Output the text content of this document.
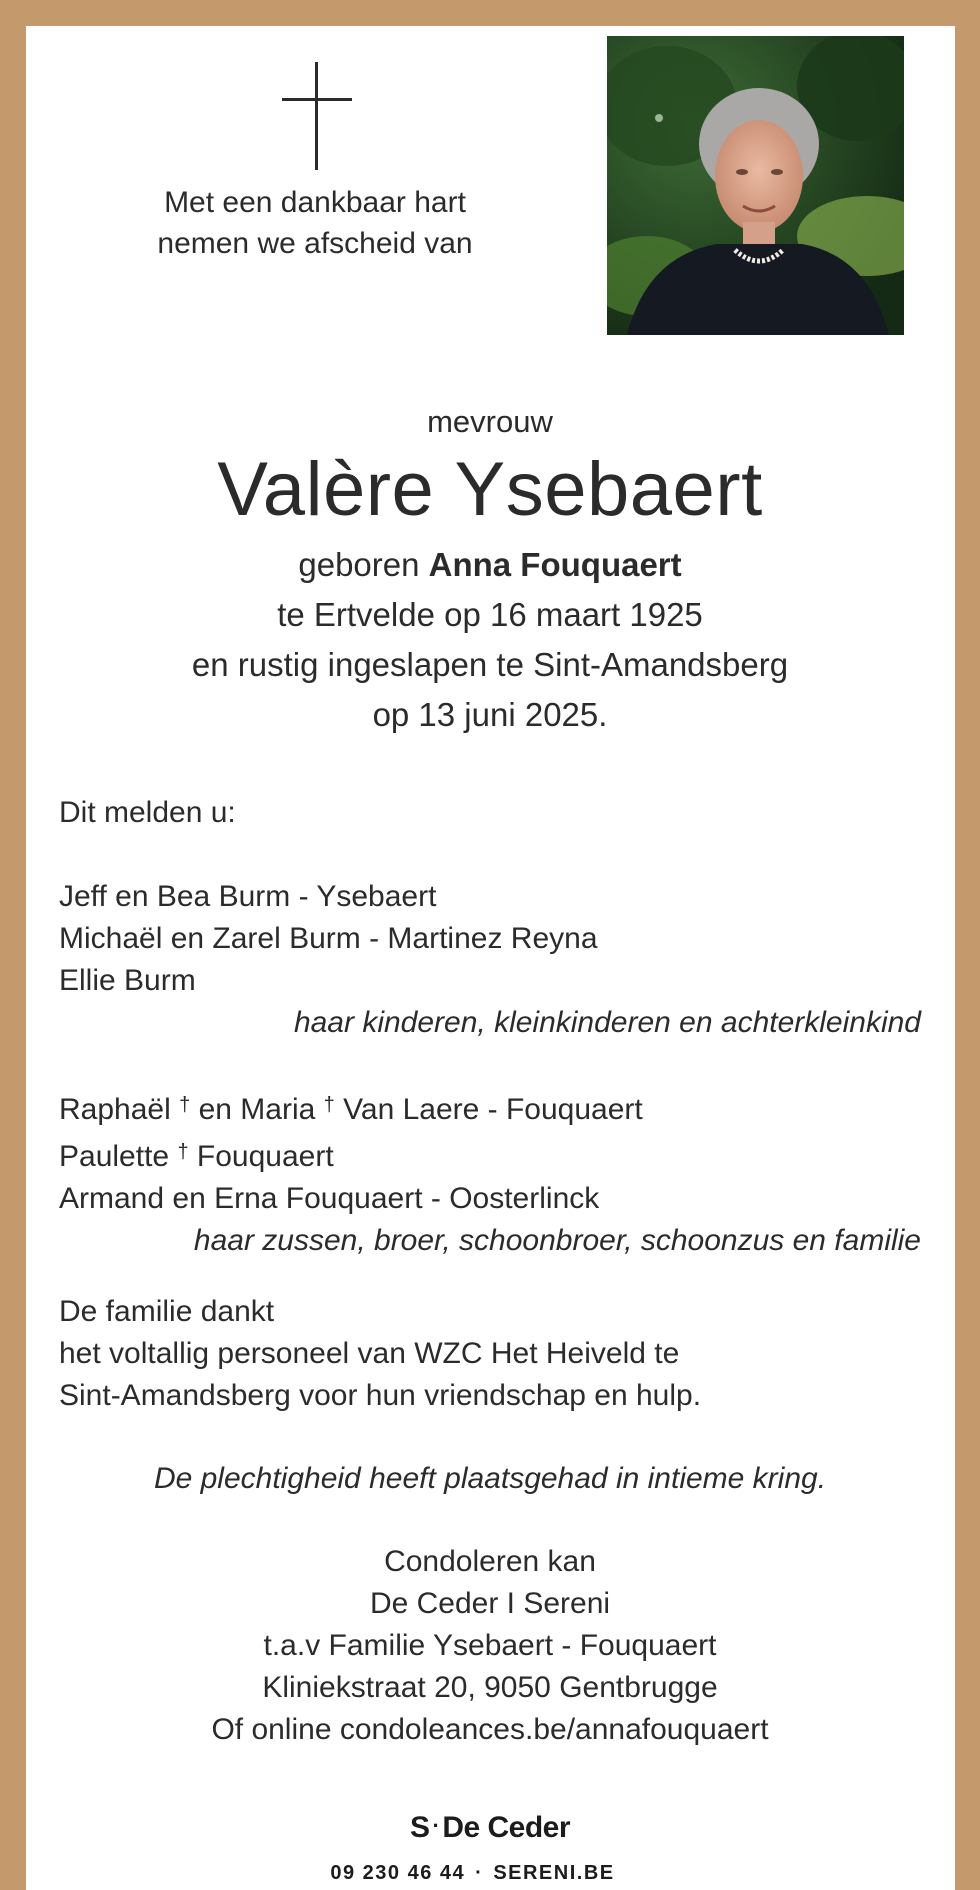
Met een dankbaar hart
nemen we afscheid van
mevrouw
Valère Ysebaert
geboren Anna Fouquaert
te Ertvelde op 16 maart 1925
en rustig ingeslapen te Sint-Amandsberg
op 13 juni 2025.
Dit melden u:
Jeff en Bea Burm - Ysebaert
Michaël en Zarel Burm - Martinez Reyna
Ellie Burm
haar kinderen, kleinkinderen en achterkleinkind
Raphaël † en Maria † Van Laere - Fouquaert
Paulette † Fouquaert
Armand en Erna Fouquaert - Oosterlinck
haar zussen, broer, schoonbroer, schoonzus en familie
De familie dankt
het voltallig personeel van WZC Het Heiveld te
Sint-Amandsberg voor hun vriendschap en hulp.
De plechtigheid heeft plaatsgehad in intieme kring.
Condoleren kan
De Ceder I Sereni
t.a.v Familie Ysebaert - Fouquaert
Kliniekstraat 20, 9050 Gentbrugge
Of online condoleances.be/annafouquaert
S · De Ceder
09 230 46 44 · SERENI.BE
